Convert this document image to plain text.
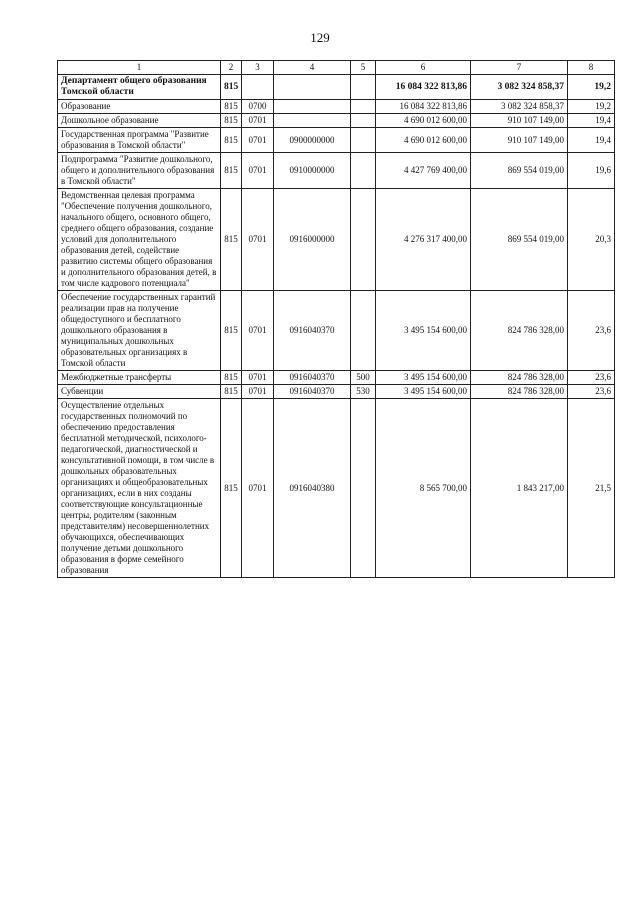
129
1	2	3	4	5	6	7	8
Департамент общего образования Томской области	815				16 084 322 813,86	3 082 324 858,37	19,2
Образование	815	0700			16 084 322 813,86	3 082 324 858,37	19,2
Дошкольное образование	815	0701			4 690 012 600,00	910 107 149,00	19,4
Государственная программа "Развитие образования в Томской области"	815	0701	0900000000		4 690 012 600,00	910 107 149,00	19,4
Подпрограмма "Развитие дошкольного, общего и дополнительного образования в Томской области"	815	0701	0910000000		4 427 769 400,00	869 554 019,00	19,6
Ведомственная целевая программа "Обеспечение получения дошкольного, начального общего, основного общего, среднего общего образования, создание условий для дополнительного образования детей, содействие развитию системы общего образования и дополнительного образования детей, в том числе кадрового потенциала"	815	0701	0916000000		4 276 317 400,00	869 554 019,00	20,3
Обеспечение государственных гарантий реализации прав на получение общедоступного и бесплатного дошкольного образования в муниципальных дошкольных образовательных организациях в Томской области	815	0701	0916040370		3 495 154 600,00	824 786 328,00	23,6
Межбюджетные трансферты	815	0701	0916040370	500	3 495 154 600,00	824 786 328,00	23,6
Субвенции	815	0701	0916040370	530	3 495 154 600,00	824 786 328,00	23,6
Осуществление отдельных государственных полномочий по обеспечению предоставления бесплатной методической, психолого-педагогической, диагностической и консультативной помощи, в том числе в дошкольных образовательных организациях и общеобразовательных организациях, если в них созданы соответствующие консультационные центры, родителям (законным представителям) несовершеннолетних обучающихся, обеспечивающих получение детьми дошкольного образования в форме семейного образования	815	0701	0916040380		8 565 700,00	1 843 217,00	21,5
